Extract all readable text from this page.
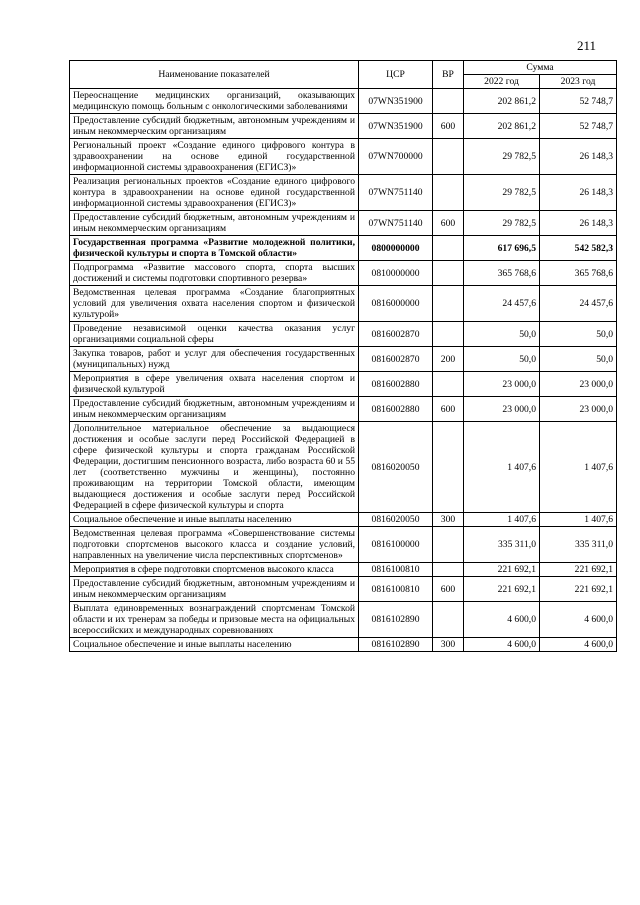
211
Наименование показателей	ЦСР	ВР	Сумма	
			2022 год	2023 год
Переоснащение медицинских организаций, оказывающих медицинскую помощь больным с онкологическими заболеваниями	07WN351900		202 861,2	52 748,7
Предоставление субсидий бюджетным, автономным учреждениям и иным некоммерческим организациям	07WN351900	600	202 861,2	52 748,7
Региональный проект «Создание единого цифрового контура в здравоохранении на основе единой государственной информационной системы здравоохранения (ЕГИСЗ)»	07WN700000		29 782,5	26 148,3
Реализация региональных проектов «Создание единого цифрового контура в здравоохранении на основе единой государственной информационной системы здравоохранения (ЕГИСЗ)»	07WN751140		29 782,5	26 148,3
Предоставление субсидий бюджетным, автономным учреждениям и иным некоммерческим организациям	07WN751140	600	29 782,5	26 148,3
Государственная программа «Развитие молодежной политики, физической культуры и спорта в Томской области»	0800000000		617 696,5	542 582,3
Подпрограмма «Развитие массового спорта, спорта высших достижений и системы подготовки спортивного резерва»	0810000000		365 768,6	365 768,6
Ведомственная целевая программа «Создание благоприятных условий для увеличения охвата населения спортом и физической культурой»	0816000000		24 457,6	24 457,6
Проведение независимой оценки качества оказания услуг организациями социальной сферы	0816002870		50,0	50,0
Закупка товаров, работ и услуг для обеспечения государственных (муниципальных) нужд	0816002870	200	50,0	50,0
Мероприятия в сфере увеличения охвата населения спортом и физической культурой	0816002880		23 000,0	23 000,0
Предоставление субсидий бюджетным, автономным учреждениям и иным некоммерческим организациям	0816002880	600	23 000,0	23 000,0
Дополнительное материальное обеспечение за выдающиеся достижения и особые заслуги перед Российской Федерацией в сфере физической культуры и спорта гражданам Российской Федерации, достигшим пенсионного возраста, либо возраста 60 и 55 лет (соответственно мужчины и женщины), постоянно проживающим на территории Томской области, имеющим выдающиеся достижения и особые заслуги перед Российской Федерацией в сфере физической культуры и спорта	0816020050		1 407,6	1 407,6
Социальное обеспечение и иные выплаты населению	0816020050	300	1 407,6	1 407,6
Ведомственная целевая программа «Совершенствование системы подготовки спортсменов высокого класса и создание условий, направленных на увеличение числа перспективных спортсменов»	0816100000		335 311,0	335 311,0
Мероприятия в сфере подготовки спортсменов высокого класса	0816100810		221 692,1	221 692,1
Предоставление субсидий бюджетным, автономным учреждениям и иным некоммерческим организациям	0816100810	600	221 692,1	221 692,1
Выплата единовременных вознаграждений спортсменам Томской области и их тренерам за победы и призовые места на официальных всероссийских и международных соревнованиях	0816102890		4 600,0	4 600,0
Социальное обеспечение и иные выплаты населению	0816102890	300	4 600,0	4 600,0
